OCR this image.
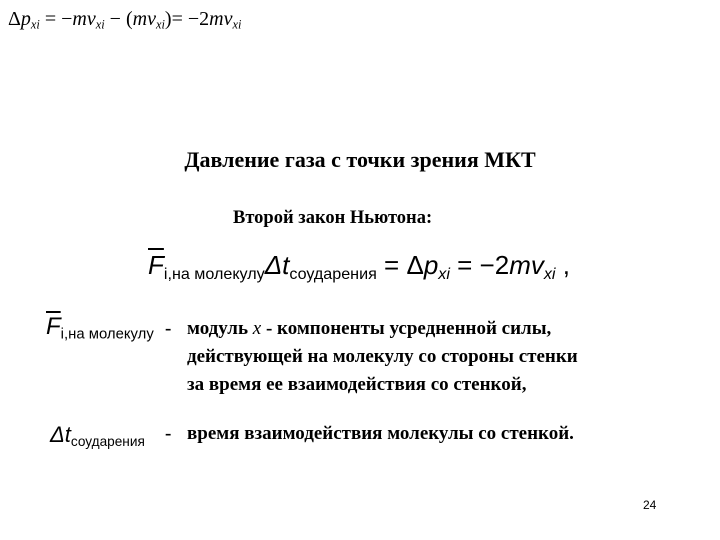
$\Delta p_{xi} = -mv_{xi} - (mv_{xi})= -2mv_{xi}$
Давление газа с точки зрения МКТ
Второй закон Ньютона:
$\overline{F}i,на$ молекулуΔtсоударения = Δpxi = −2mvxi ,
$\overline{F}i,на$ молекулу - модуль x - компоненты усредненной силы,
действующей на молекулу со стороны стенки
за время ее взаимодействия со стенкой,
Δtсоударения - время взаимодействия молекулы со стенкой.
24
